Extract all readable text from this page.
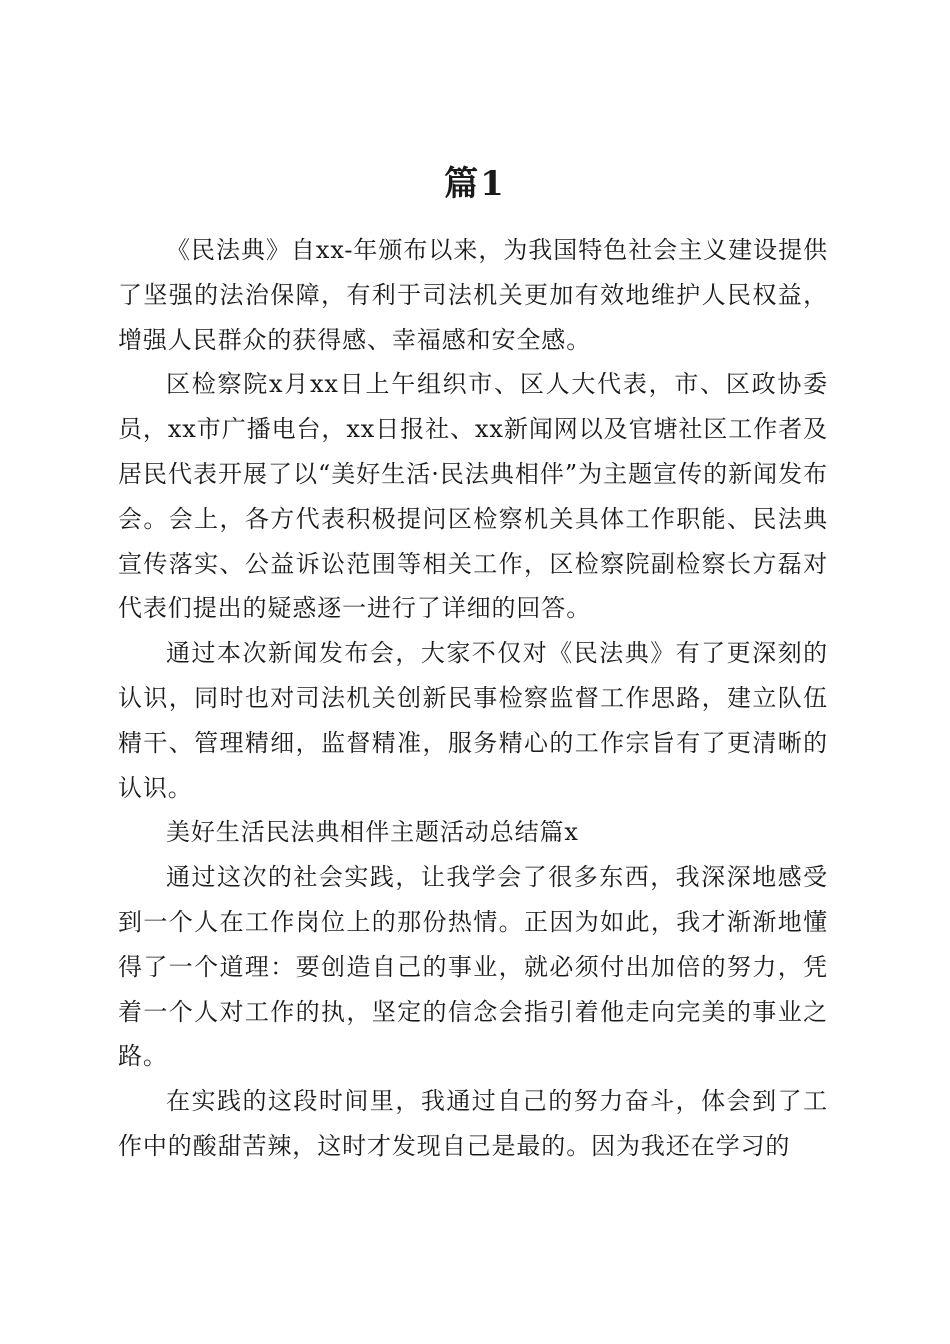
篇1

《民法典》自xx-年颁布以来，为我国特色社会主义建设提供了坚强的法治保障，有利于司法机关更加有效地维护人民权益，增强人民群众的获得感、幸福感和安全感。

区检察院x月xx日上午组织市、区人大代表，市、区政协委员，xx市广播电台，xx日报社、xx新闻网以及官塘社区工作者及居民代表开展了以“美好生活·民法典相伴”为主题宣传的新闻发布会。会上，各方代表积极提问区检察机关具体工作职能、民法典宣传落实、公益诉讼范围等相关工作，区检察院副检察长方磊对代表们提出的疑惑逐一进行了详细的回答。

通过本次新闻发布会，大家不仅对《民法典》有了更深刻的认识，同时也对司法机关创新民事检察监督工作思路，建立队伍精干、管理精细，监督精准，服务精心的工作宗旨有了更清晰的认识。

美好生活民法典相伴主题活动总结篇x

通过这次的社会实践，让我学会了很多东西，我深深地感受到一个人在工作岗位上的那份热情。正因为如此，我才渐渐地懂得了一个道理：要创造自己的事业，就必须付出加倍的努力，凭着一个人对工作的执，坚定的信念会指引着他走向完美的事业之路。

在实践的这段时间里，我通过自己的努力奋斗，体会到了工作中的酸甜苦辣，这时才发现自己是最的。因为我还在学习的
